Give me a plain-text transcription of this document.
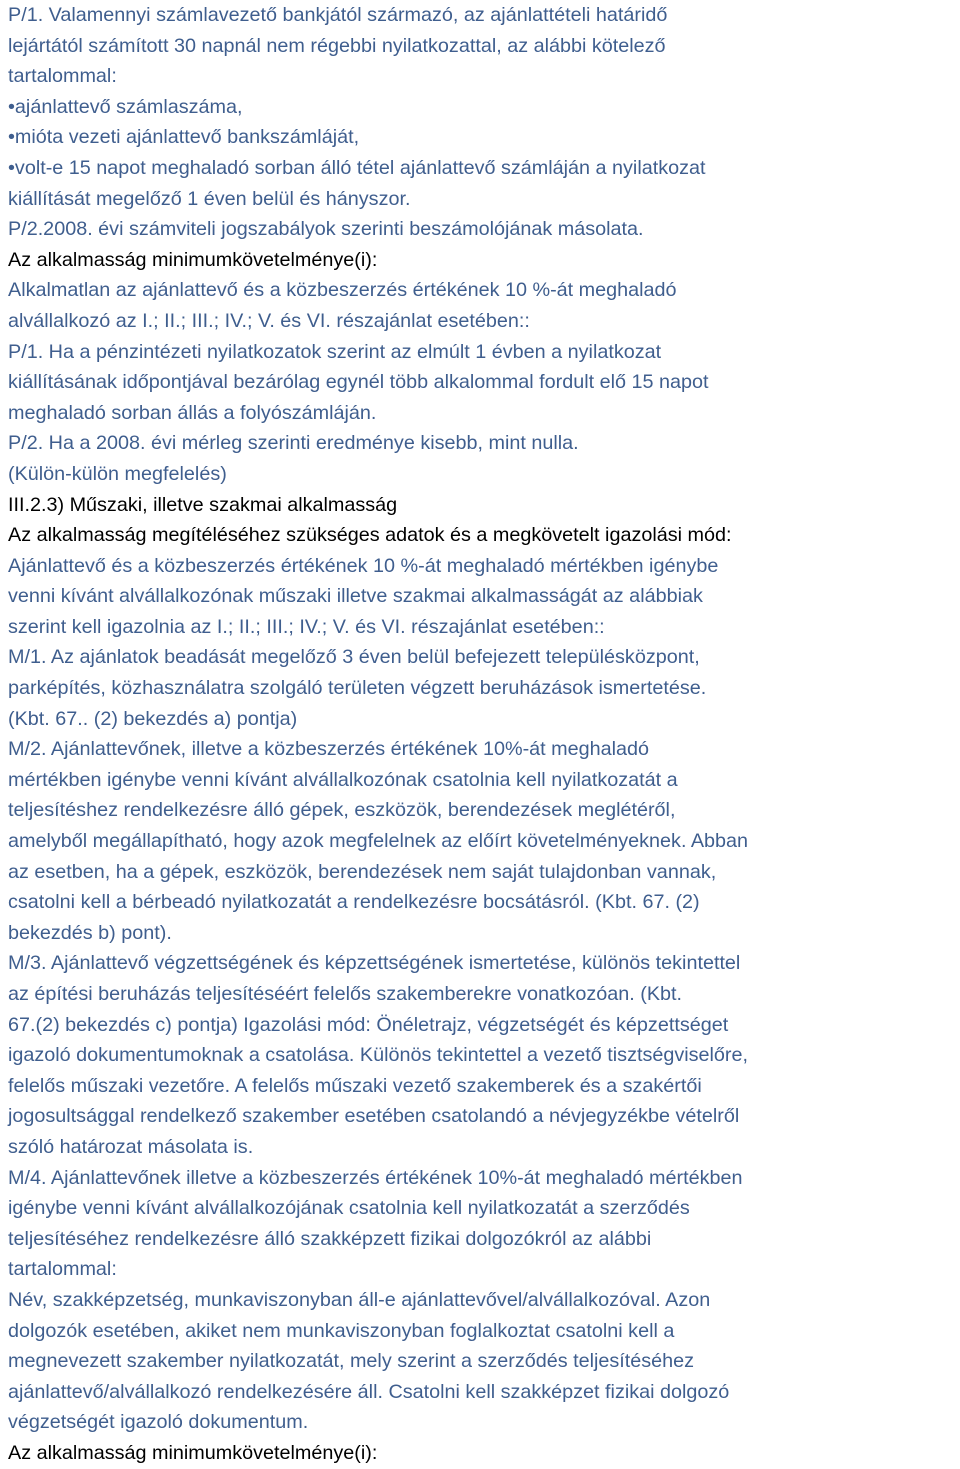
P/1. Valamennyi számlavezető bankjától származó, az ajánlattételi határidő
lejártától számított 30 napnál nem régebbi nyilatkozattal, az alábbi kötelező
tartalommal:
•ajánlattevő számlaszáma,
•mióta vezeti ajánlattevő bankszámláját,
•volt-e 15 napot meghaladó sorban álló tétel ajánlattevő számláján a nyilatkozat
kiállítását megelőző 1 éven belül és hányszor.
P/2.2008. évi számviteli jogszabályok szerinti beszámolójának másolata.
Az alkalmasság minimumkövetelménye(i):
Alkalmatlan az ajánlattevő és a közbeszerzés értékének 10 %-át meghaladó
alvállalkozó az I.; II.; III.; IV.; V. és VI. részajánlat esetében::
P/1. Ha a pénzintézeti nyilatkozatok szerint az elmúlt 1 évben a nyilatkozat
kiállításának időpontjával bezárólag egynél több alkalommal fordult elő 15 napot
meghaladó sorban állás a folyószámláján.
P/2. Ha a 2008. évi mérleg szerinti eredménye kisebb, mint nulla.
(Külön-külön megfelelés)
III.2.3) Műszaki, illetve szakmai alkalmasság
Az alkalmasság megítéléséhez szükséges adatok és a megkövetelt igazolási mód:
Ajánlattevő és a közbeszerzés értékének 10 %-át meghaladó mértékben igénybe
venni kívánt alvállalkozónak műszaki illetve szakmai alkalmasságát az alábbiak
szerint kell igazolnia az I.; II.; III.; IV.; V. és VI. részajánlat esetében::
M/1. Az ajánlatok beadását megelőző 3 éven belül befejezett településközpont,
parképítés, közhasználatra szolgáló területen végzett beruházások ismertetése.
(Kbt. 67.. (2) bekezdés a) pontja)
M/2. Ajánlattevőnek, illetve a közbeszerzés értékének 10%-át meghaladó
mértékben igénybe venni kívánt alvállalkozónak csatolnia kell nyilatkozatát a
teljesítéshez rendelkezésre álló gépek, eszközök, berendezések meglétéről,
amelyből megállapítható, hogy azok megfelelnek az előírt követelményeknek. Abban
az esetben, ha a gépek, eszközök, berendezések nem saját tulajdonban vannak,
csatolni kell a bérbeadó nyilatkozatát a rendelkezésre bocsátásról. (Kbt. 67. (2)
bekezdés b) pont).
M/3. Ajánlattevő végzettségének és képzettségének ismertetése, különös tekintettel
az építési beruházás teljesítéséért felelős szakemberekre vonatkozóan. (Kbt.
67.(2) bekezdés c) pontja) Igazolási mód: Önéletrajz, végzetségét és képzettséget
igazoló dokumentumoknak a csatolása. Különös tekintettel a vezető tisztségviselőre,
felelős műszaki vezetőre. A felelős műszaki vezető szakemberek és a szakértői
jogosultsággal rendelkező szakember esetében csatolandó a névjegyzékbe vételről
szóló határozat másolata is.
M/4. Ajánlattevőnek illetve a közbeszerzés értékének 10%-át meghaladó mértékben
igénybe venni kívánt alvállalkozójának csatolnia kell nyilatkozatát a szerződés
teljesítéséhez rendelkezésre álló szakképzett fizikai dolgozókról az alábbi
tartalommal:
Név, szakképzetség, munkaviszonyban áll-e ajánlattevővel/alvállalkozóval. Azon
dolgozók esetében, akiket nem munkaviszonyban foglalkoztat csatolni kell a
megnevezett szakember nyilatkozatát, mely szerint a szerződés teljesítéséhez
ajánlattevő/alvállalkozó rendelkezésére áll. Csatolni kell szakképzet fizikai dolgozó
végzetségét igazoló dokumentum.
Az alkalmasság minimumkövetelménye(i):
